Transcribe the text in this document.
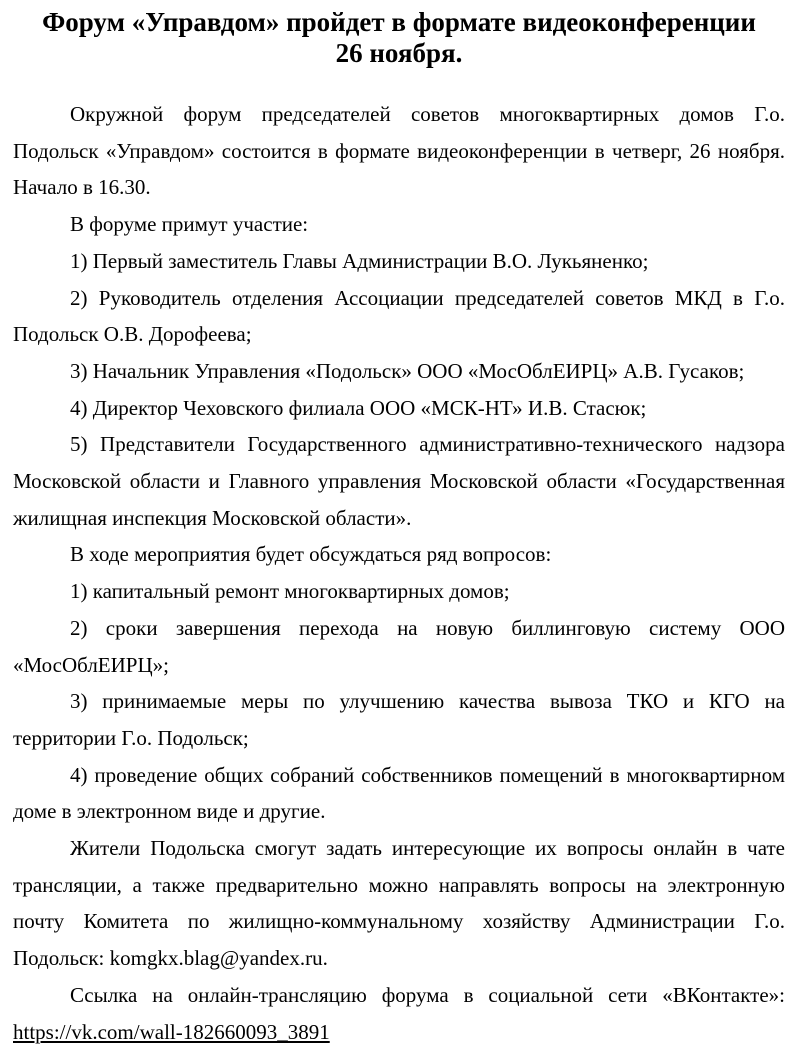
Форум «Управдом» пройдет в формате видеоконференции
26 ноября.

Окружной форум председателей советов многоквартирных домов Г.о. Подольск «Управдом» состоится в формате видеоконференции в четверг, 26 ноября. Начало в 16.30.

В форуме примут участие:

1) Первый заместитель Главы Администрации В.О. Лукьяненко;

2) Руководитель отделения Ассоциации председателей советов МКД в Г.о. Подольск О.В. Дорофеева;

3) Начальник Управления «Подольск» ООО «МосОблЕИРЦ» А.В. Гусаков;

4) Директор Чеховского филиала ООО «МСК-НТ» И.В. Стасюк;

5) Представители Государственного административно-технического надзора Московской области и Главного управления Московской области «Государственная жилищная инспекция Московской области».

В ходе мероприятия будет обсуждаться ряд вопросов:

1) капитальный ремонт многоквартирных домов;

2) сроки завершения перехода на новую биллинговую систему ООО «МосОблЕИРЦ»;

3) принимаемые меры по улучшению качества вывоза ТКО и КГО на территории Г.о. Подольск;

4) проведение общих собраний собственников помещений в многоквартирном доме в электронном виде и другие.

Жители Подольска смогут задать интересующие их вопросы онлайн в чате трансляции, а также предварительно можно направлять вопросы на электронную почту Комитета по жилищно-коммунальному хозяйству Администрации Г.о. Подольск: komgkx.blag@yandex.ru.

Ссылка на онлайн-трансляцию форума в социальной сети «ВКонтакте»: https://vk.com/wall-182660093_3891
